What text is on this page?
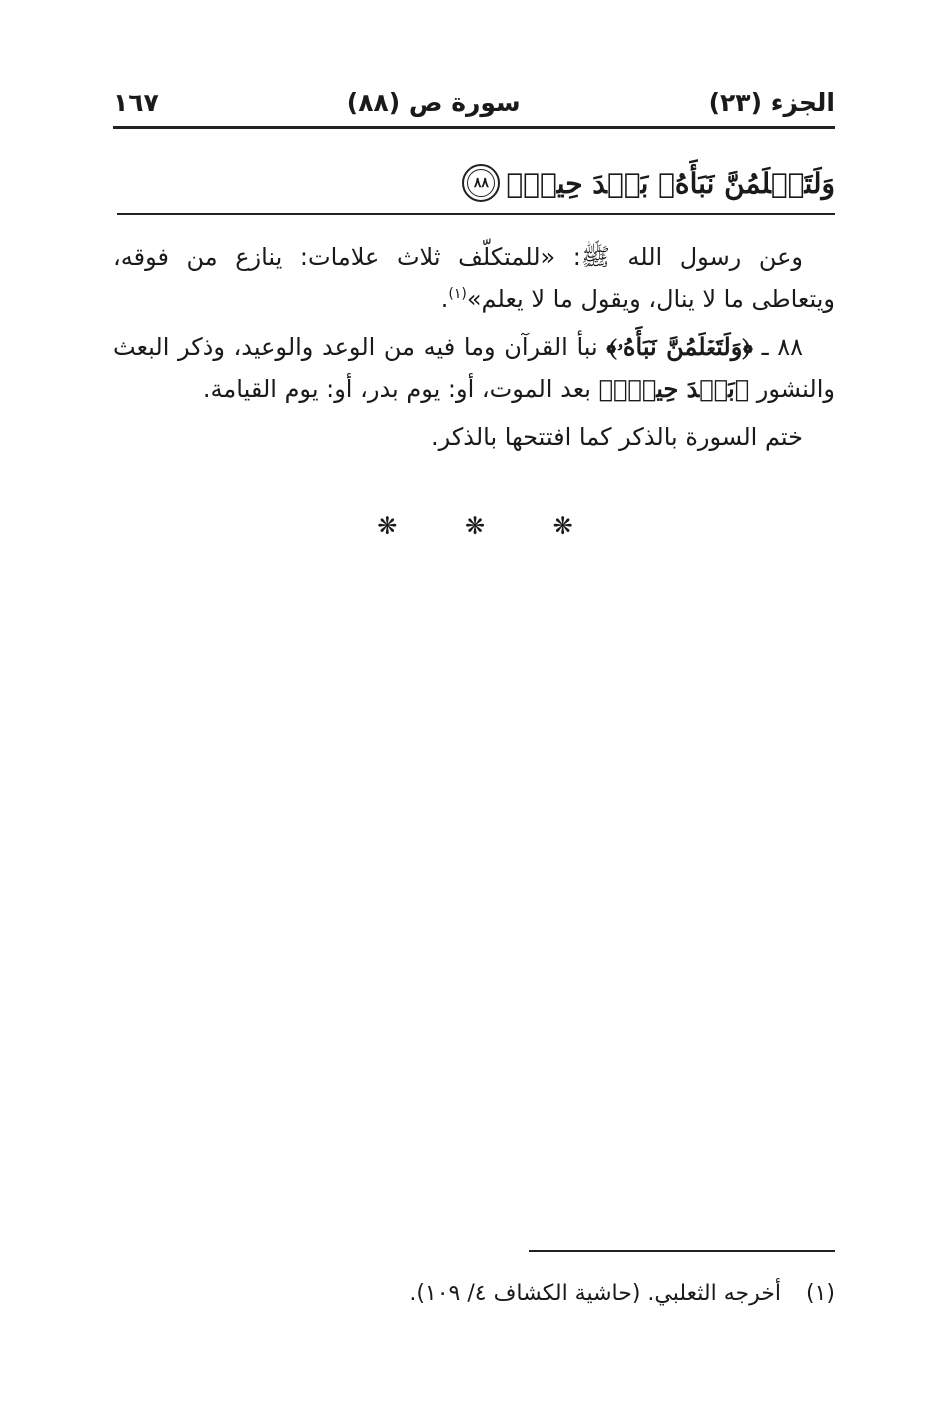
الجزء (٢٣)
سورة ص (٨٨)
١٦٧
وَلَتَعۡلَمُنَّ نَبَأَهُۥ بَعۡدَ حِينِۭ
٨٨

وعن رسول الله ﷺ: «للمتكلّف ثلاث علامات: ينازع من فوقه، ويتعاطى ما لا ينال، ويقول ما لا يعلم»$^{(١)}$.

٨٨ ـ ﴿وَلَتَعۡلَمُنَّ نَبَأَهُۥ﴾ نبأ القرآن وما فيه من الوعد والوعيد، وذكر البعث والنشور ﴿بَعۡدَ حِينِۭ﴾ بعد الموت، أو: يوم بدر، أو: يوم القيامة.

ختم السورة بالذكر كما افتتحها بالذكر.

❋ ❋ ❋
(١) أخرجه الثعلبي. (حاشية الكشاف ٤/ ١٠٩).
